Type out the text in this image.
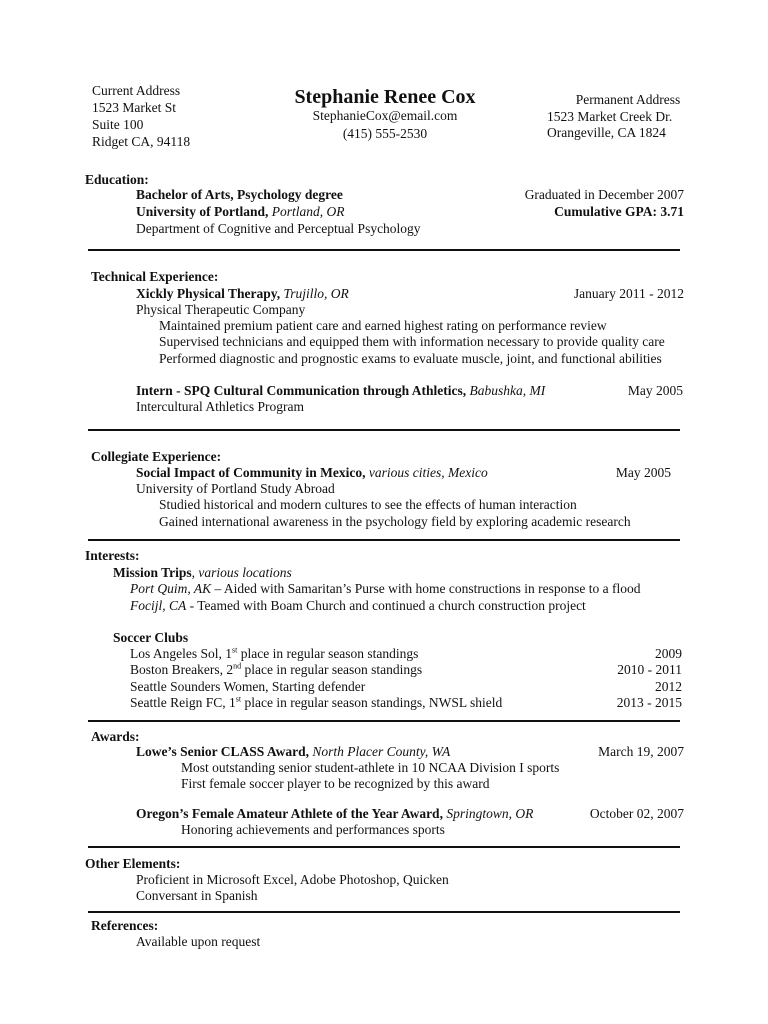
Current Address
1523 Market St
Suite 100
Ridget CA, 94118
Stephanie Renee Cox
StephanieCox@email.com
(415) 555-2530
Permanent Address
1523 Market Creek Dr.
Orangeville, CA 1824
Education:
Bachelor of Arts, Psychology degree	Graduated in December 2007
University of Portland, Portland, OR	Cumulative GPA: 3.71
Department of Cognitive and Perceptual Psychology
Technical Experience:
Xickly Physical Therapy, Trujillo, OR	January 2011 - 2012
Physical Therapeutic Company
Maintained premium patient care and earned highest rating on performance review
Supervised technicians and equipped them with information necessary to provide quality care
Performed diagnostic and prognostic exams to evaluate muscle, joint, and functional abilities
Intern - SPQ Cultural Communication through Athletics, Babushka, MI	May 2005
Intercultural Athletics Program
Collegiate Experience:
Social Impact of Community in Mexico, various cities, Mexico	May 2005
University of Portland Study Abroad
Studied historical and modern cultures to see the effects of human interaction
Gained international awareness in the psychology field by exploring academic research
Interests:
Mission Trips, various locations
Port Quim, AK – Aided with Samaritan’s Purse with home constructions in response to a flood
Focijl, CA - Teamed with Boam Church and continued a church construction project
Soccer Clubs
Los Angeles Sol, 1st place in regular season standings	2009
Boston Breakers, 2nd place in regular season standings	2010 - 2011
Seattle Sounders Women, Starting defender	2012
Seattle Reign FC, 1st place in regular season standings, NWSL shield	2013 - 2015
Awards:
Lowe’s Senior CLASS Award, North Placer County, WA	March 19, 2007
Most outstanding senior student-athlete in 10 NCAA Division I sports
First female soccer player to be recognized by this award
Oregon’s Female Amateur Athlete of the Year Award, Springtown, OR	October 02, 2007
Honoring achievements and performances sports
Other Elements:
Proficient in Microsoft Excel, Adobe Photoshop, Quicken
Conversant in Spanish
References:
Available upon request
